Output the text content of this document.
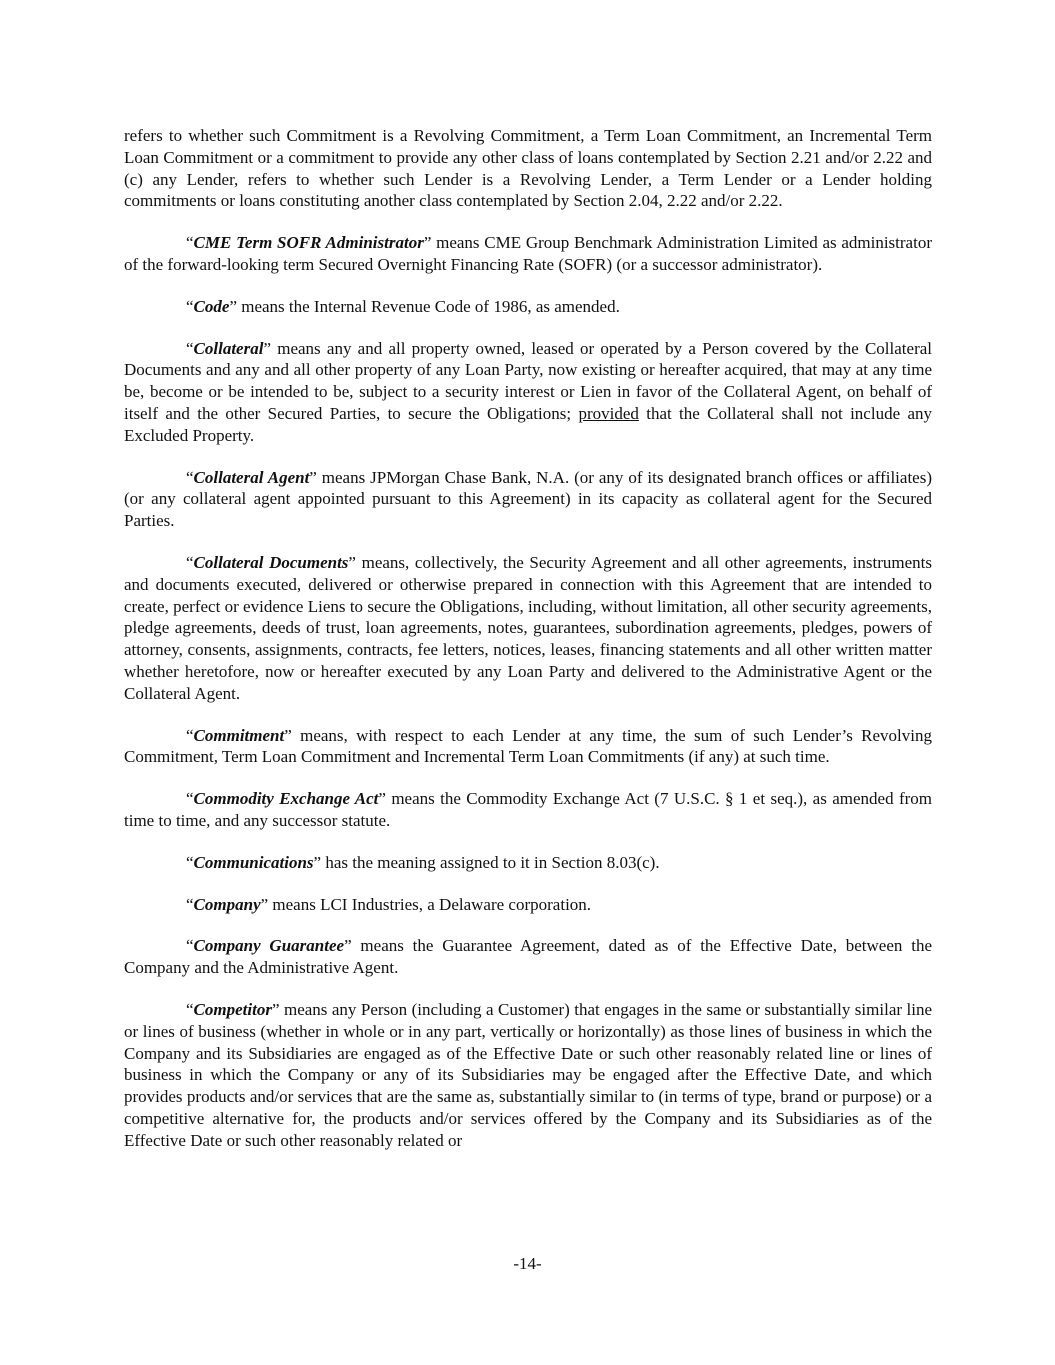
refers to whether such Commitment is a Revolving Commitment, a Term Loan Commitment, an Incremental Term Loan Commitment or a commitment to provide any other class of loans contemplated by Section 2.21 and/or 2.22 and (c) any Lender, refers to whether such Lender is a Revolving Lender, a Term Lender or a Lender holding commitments or loans constituting another class contemplated by Section 2.04, 2.22 and/or 2.22.

“CME Term SOFR Administrator” means CME Group Benchmark Administration Limited as administrator of the forward-looking term Secured Overnight Financing Rate (SOFR) (or a successor administrator).

“Code” means the Internal Revenue Code of 1986, as amended.

“Collateral” means any and all property owned, leased or operated by a Person covered by the Collateral Documents and any and all other property of any Loan Party, now existing or hereafter acquired, that may at any time be, become or be intended to be, subject to a security interest or Lien in favor of the Collateral Agent, on behalf of itself and the other Secured Parties, to secure the Obligations; provided that the Collateral shall not include any Excluded Property.

“Collateral Agent” means JPMorgan Chase Bank, N.A. (or any of its designated branch offices or affiliates) (or any collateral agent appointed pursuant to this Agreement) in its capacity as collateral agent for the Secured Parties.

“Collateral Documents” means, collectively, the Security Agreement and all other agreements, instruments and documents executed, delivered or otherwise prepared in connection with this Agreement that are intended to create, perfect or evidence Liens to secure the Obligations, including, without limitation, all other security agreements, pledge agreements, deeds of trust, loan agreements, notes, guarantees, subordination agreements, pledges, powers of attorney, consents, assignments, contracts, fee letters, notices, leases, financing statements and all other written matter whether heretofore, now or hereafter executed by any Loan Party and delivered to the Administrative Agent or the Collateral Agent.

“Commitment” means, with respect to each Lender at any time, the sum of such Lender’s Revolving Commitment, Term Loan Commitment and Incremental Term Loan Commitments (if any) at such time.

“Commodity Exchange Act” means the Commodity Exchange Act (7 U.S.C. § 1 et seq.), as amended from time to time, and any successor statute.

“Communications” has the meaning assigned to it in Section 8.03(c).

“Company” means LCI Industries, a Delaware corporation.

“Company Guarantee” means the Guarantee Agreement, dated as of the Effective Date, between the Company and the Administrative Agent.

“Competitor” means any Person (including a Customer) that engages in the same or substantially similar line or lines of business (whether in whole or in any part, vertically or horizontally) as those lines of business in which the Company and its Subsidiaries are engaged as of the Effective Date or such other reasonably related line or lines of business in which the Company or any of its Subsidiaries may be engaged after the Effective Date, and which provides products and/or services that are the same as, substantially similar to (in terms of type, brand or purpose) or a competitive alternative for, the products and/or services offered by the Company and its Subsidiaries as of the Effective Date or such other reasonably related or

-14-
